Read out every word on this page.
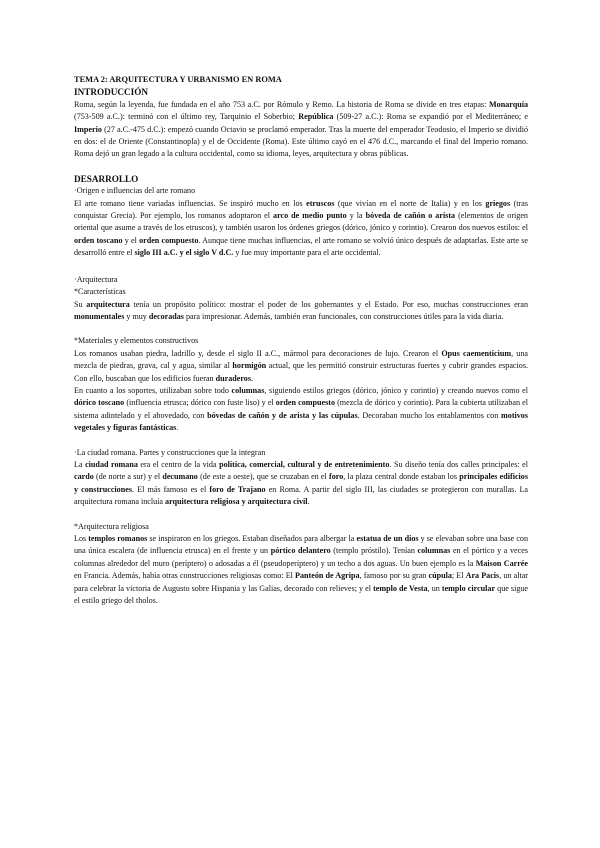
TEMA 2: ARQUITECTURA Y URBANISMO EN ROMA

INTRODUCCIÓN

Roma, según la leyenda, fue fundada en el año 753 a.C. por Rómulo y Remo. La historia de Roma se divide en tres etapas: Monarquía (753-509 a.C.): terminó con el último rey, Tarquinio el Soberbio; República (509-27 a.C.): Roma se expandió por el Mediterráneo; e Imperio (27 a.C.-475 d.C.): empezó cuando Octavio se proclamó emperador. Tras la muerte del emperador Teodosio, el Imperio se dividió en dos: el de Oriente (Constantinopla) y el de Occidente (Roma). Este último cayó en el 476 d.C., marcando el final del Imperio romano. Roma dejó un gran legado a la cultura occidental, como su idioma, leyes, arquitectura y obras públicas.

DESARROLLO

·Origen e influencias del arte romano

El arte romano tiene variadas influencias. Se inspiró mucho en los etruscos (que vivían en el norte de Italia) y en los griegos (tras conquistar Grecia). Por ejemplo, los romanos adoptaron el arco de medio punto y la bóveda de cañón o arista (elementos de origen oriental que asume a través de los etruscos), y también usaron los órdenes griegos (dórico, jónico y corintio). Crearon dos nuevos estilos: el orden toscano y el orden compuesto. Aunque tiene muchas influencias, el arte romano se volvió único después de adaptarlas. Este arte se desarrolló entre el siglo III a.C. y el siglo V d.C. y fue muy importante para el arte occidental.

·Arquitectura

*Características

Su arquitectura tenía un propósito político: mostrar el poder de los gobernantes y el Estado. Por eso, muchas construcciones eran monumentales y muy decoradas para impresionar. Además, también eran funcionales, con construcciones útiles para la vida diaria.

*Materiales y elementos constructivos

Los romanos usaban piedra, ladrillo y, desde el siglo II a.C., mármol para decoraciones de lujo. Crearon el Opus caementicium, una mezcla de piedras, grava, cal y agua, similar al hormigón actual, que les permitió construir estructuras fuertes y cubrir grandes espacios. Con ello, buscaban que los edificios fueran duraderos.

En cuanto a los soportes, utilizaban sobre todo columnas, siguiendo estilos griegos (dórico, jónico y corintio) y creando nuevos como el dórico toscano (influencia etrusca; dórico con fuste liso) y el orden compuesto (mezcla de dórico y corintio). Para la cubierta utilizaban el sistema adintelado y el abovedado, con bóvedas de cañón y de arista y las cúpulas. Decoraban mucho los entablamentos con motivos vegetales y figuras fantásticas.

·La ciudad romana. Partes y construcciones que la integran

La ciudad romana era el centro de la vida política, comercial, cultural y de entretenimiento. Su diseño tenía dos calles principales: el cardo (de norte a sur) y el decumano (de este a oeste), que se cruzaban en el foro, la plaza central donde estaban los principales edificios y construcciones. El más famoso es el foro de Trajano en Roma. A partir del siglo III, las ciudades se protegieron con murallas. La arquitectura romana incluía arquitectura religiosa y arquitectura civil.

*Arquitectura religiosa

Los templos romanos se inspiraron en los griegos. Estaban diseñados para albergar la estatua de un dios y se elevaban sobre una base con una única escalera (de influencia etrusca) en el frente y un pórtico delantero (templo próstilo). Tenían columnas en el pórtico y a veces columnas alrededor del muro (períptero) o adosadas a él (pseudoperíptero) y un techo a dos aguas. Un buen ejemplo es la Maison Carrée en Francia. Además, había otras construcciones religiosas como: El Panteón de Agripa, famoso por su gran cúpula; El Ara Pacis, un altar para celebrar la victoria de Augusto sobre Hispania y las Galias, decorado con relieves; y el templo de Vesta, un templo circular que sigue el estilo griego del tholos.
